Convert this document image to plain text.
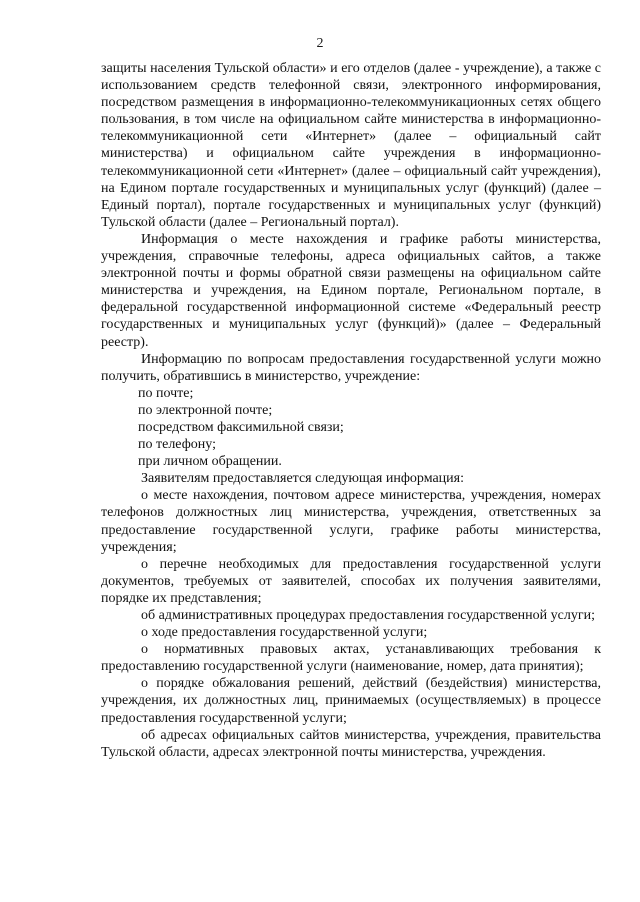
2

защиты населения Тульской области» и его отделов (далее - учреждение), а также с использованием средств телефонной связи, электронного информирования, посредством размещения в информационно-телекоммуникационных сетях общего пользования, в том числе на официальном сайте министерства в информационно-телекоммуникационной сети «Интернет» (далее – официальный сайт министерства) и официальном сайте учреждения в информационно-телекоммуникационной сети «Интернет» (далее – официальный сайт учреждения), на Едином портале государственных и муниципальных услуг (функций) (далее – Единый портал), портале государственных и муниципальных услуг (функций) Тульской области (далее – Региональный портал).

Информация о месте нахождения и графике работы министерства, учреждения, справочные телефоны, адреса официальных сайтов, а также электронной почты и формы обратной связи размещены на официальном сайте министерства и учреждения, на Едином портале, Региональном портале, в федеральной государственной информационной системе «Федеральный реестр государственных и муниципальных услуг (функций)» (далее – Федеральный реестр).

Информацию по вопросам предоставления государственной услуги можно получить, обратившись в министерство, учреждение:

по почте;

по электронной почте;

посредством факсимильной связи;

по телефону;

при личном обращении.

Заявителям предоставляется следующая информация:

о месте нахождения, почтовом адресе министерства, учреждения, номерах телефонов должностных лиц министерства, учреждения, ответственных за предоставление государственной услуги, графике работы министерства, учреждения;

о перечне необходимых для предоставления государственной услуги документов, требуемых от заявителей, способах их получения заявителями, порядке их представления;

об административных процедурах предоставления государственной услуги;

о ходе предоставления государственной услуги;

о нормативных правовых актах, устанавливающих требования к предоставлению государственной услуги (наименование, номер, дата принятия);

о порядке обжалования решений, действий (бездействия) министерства, учреждения, их должностных лиц, принимаемых (осуществляемых) в процессе предоставления государственной услуги;

об адресах официальных сайтов министерства, учреждения, правительства Тульской области, адресах электронной почты министерства, учреждения.
